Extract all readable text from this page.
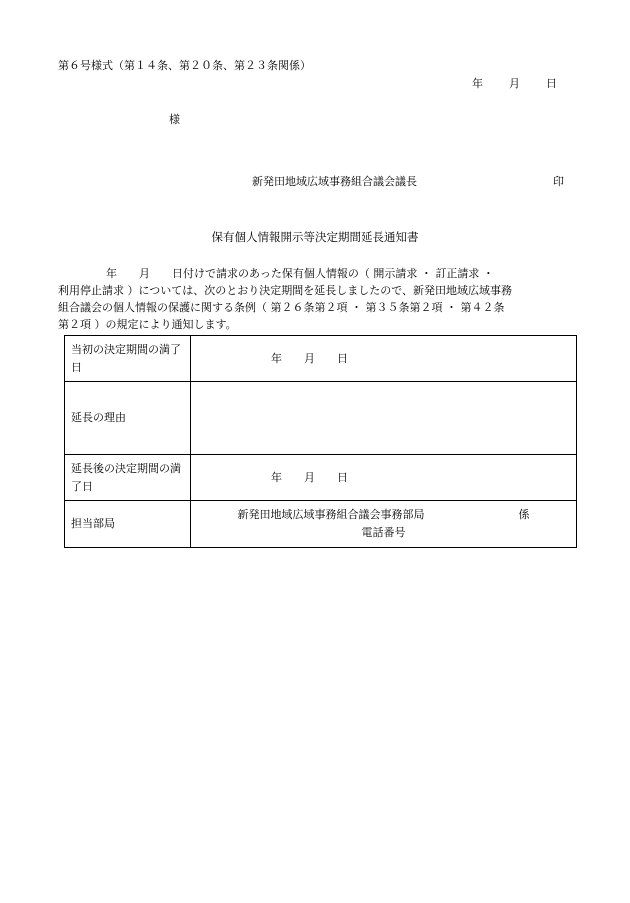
第６号様式（第１４条、第２０条、第２３条関係）
年 月 日
様
新発田地域広域事務組合議会議長	印
保有個人情報開示等決定期間延長通知書
年　　月　　日付けで請求のあった保有個人情報の（ 開示請求 ・ 訂正請求 ・
利用停止請求 ）については、次のとおり決定期間を延長しましたので、新発田地域広域事務
組合議会の個人情報の保護に関する条例（ 第２６条第２項 ・ 第３５条第２項 ・ 第４２条
第２項 ）の規定により通知します。
当初の決定期間の満了日	年　　月　　日
延長の理由	
延長後の決定期間の満了日	年　　月　　日
担当部局	新発田地域広域事務組合議会事務部局 係
電話番号
